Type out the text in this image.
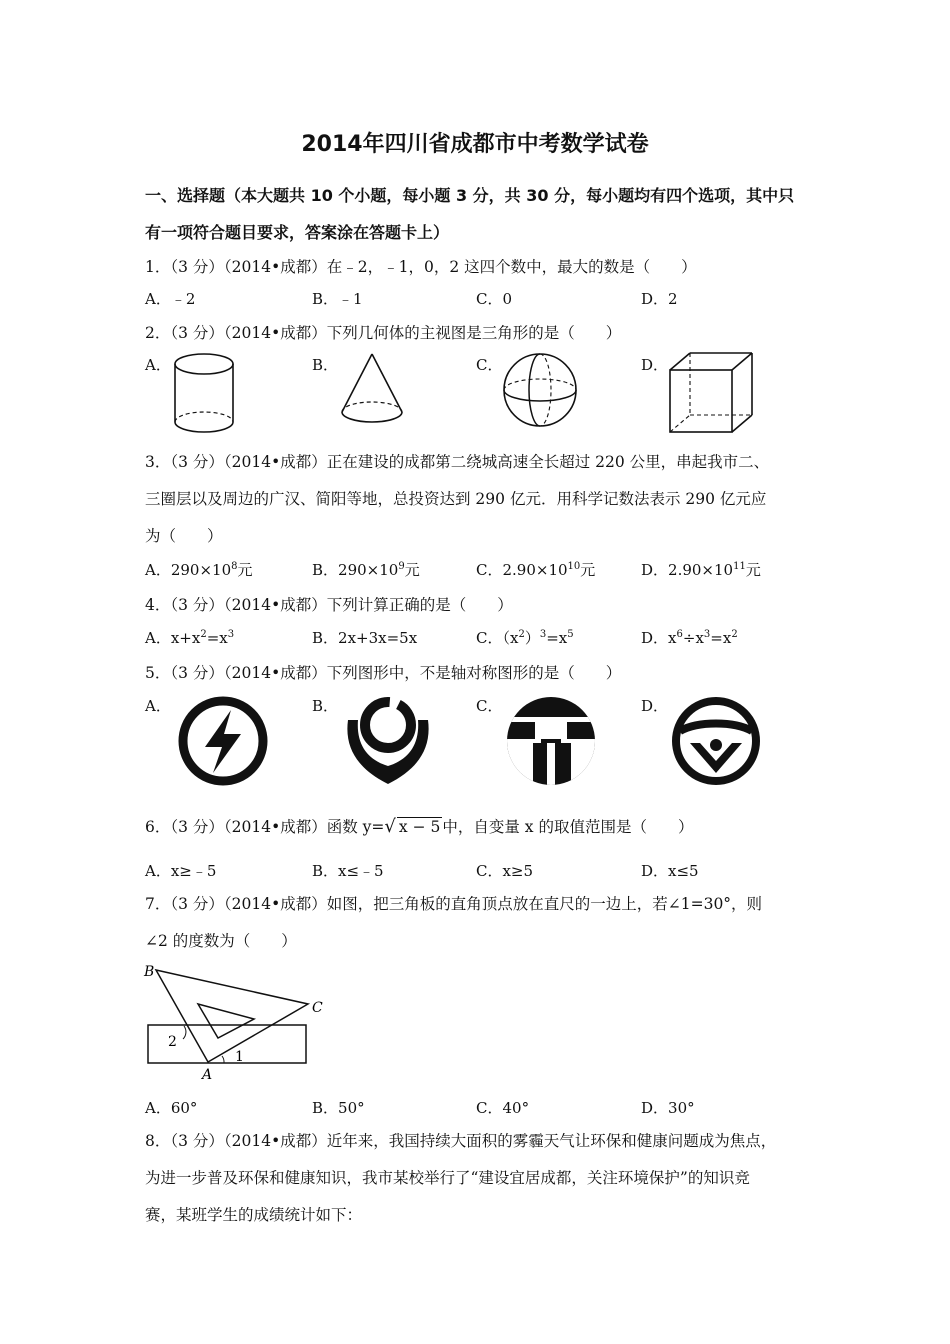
2014年四川省成都市中考数学试卷
一、选择题（本大题共 10 个小题，每小题 3 分，共 30 分，每小题均有四个选项，其中只
有一项符合题目要求，答案涂在答题卡上）
1．（3 分）（2014•成都）在﹣2，﹣1，0，2 这四个数中，最大的数是（　　）
A．﹣2	B．﹣1	C．0	D．2
2．（3 分）（2014•成都）下列几何体的主视图是三角形的是（　　）
A．	B．	C．	D．
3．（3 分）（2014•成都）正在建设的成都第二绕城高速全长超过 220 公里，串起我市二、
三圈层以及周边的广汉、简阳等地，总投资达到 290 亿元．用科学记数法表示 290 亿元应
为（　　）
A．$290\times 10^8$元	B．$290\times 10^9$元	C．$2.90\times 10^{10}$元	D．$2.90\times 10^{11}$元
4．（3 分）（2014•成都）下列计算正确的是（　　）
A．$x+x^2=x^3$	B．2x+3x=5x	C．$(x^2)^3=x^5$	D．$x^6\div x^3=x^2$
5．（3 分）（2014•成都）下列图形中，不是轴对称图形的是（　　）
A．	B．	C．	D．
6．（3 分）（2014•成都）函数 y=√ x − 5 中，自变量 x 的取值范围是（　　）
A．x≥﹣5	B．x≤﹣5	C．x≥5	D．x≤5
7．（3 分）（2014•成都）如图，把三角板的直角顶点放在直尺的一边上，若∠1=30°，则
∠2 的度数为（　　）
B
C
A
2
1
A．60°	B．50°	C．40°	D．30°
8．（3 分）（2014•成都）近年来，我国持续大面积的雾霾天气让环保和健康问题成为焦点，
为进一步普及环保和健康知识，我市某校举行了“建设宜居成都，关注环境保护”的知识竞
赛，某班学生的成绩统计如下：
